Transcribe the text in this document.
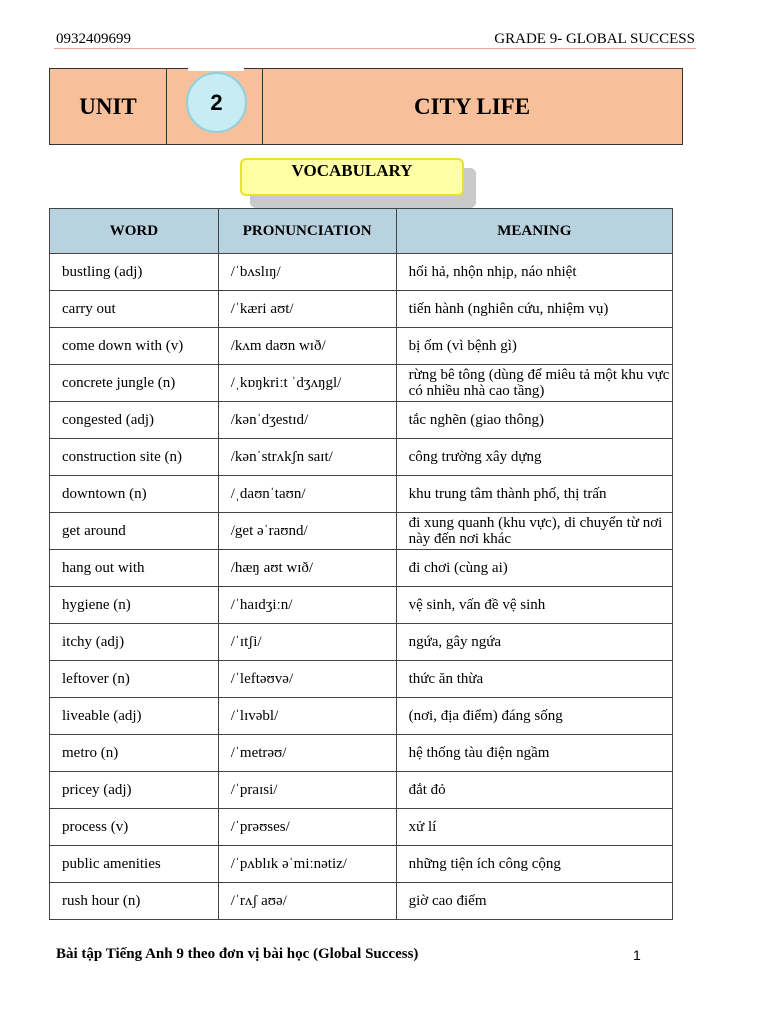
0932409699	GRADE 9- GLOBAL SUCCESS
UNIT	2	CITY LIFE
VOCABULARY
WORD	PRONUNCIATION	MEANING
bustling (adj)	/ˈbʌslɪŋ/	hối hả, nhộn nhịp, náo nhiệt
carry out	/ˈkæri aʊt/	tiến hành (nghiên cứu, nhiệm vụ)
come down with (v)	/kʌm daʊn wɪð/	bị ốm (vì bệnh gì)
concrete jungle (n)	/ˌkɒŋkriːt ˈdʒʌŋgl/	rừng bê tông (dùng để miêu tả một khu vực có nhiều nhà cao tầng)
congested (adj)	/kənˈdʒestɪd/	tắc nghẽn (giao thông)
construction site (n)	/kənˈstrʌkʃn saɪt/	công trường xây dựng
downtown (n)	/ˌdaʊnˈtaʊn/	khu trung tâm thành phố, thị trấn
get around	/get əˈraʊnd/	đi xung quanh (khu vực), di chuyển từ nơi này đến nơi khác
hang out with	/hæŋ aʊt wɪð/	đi chơi (cùng ai)
hygiene (n)	/ˈhaɪdʒiːn/	vệ sinh, vấn đề vệ sinh
itchy (adj)	/ˈɪtʃi/	ngứa, gây ngứa
leftover (n)	/ˈleftəʊvə/	thức ăn thừa
liveable (adj)	/ˈlɪvəbl/	(nơi, địa điểm) đáng sống
metro (n)	/ˈmetrəʊ/	hệ thống tàu điện ngầm
pricey (adj)	/ˈpraɪsi/	đắt đỏ
process (v)	/ˈprəʊses/	xử lí
public amenities	/ˈpʌblɪk əˈmiːnətiz/	những tiện ích công cộng
rush hour (n)	/ˈrʌʃ aʊə/	giờ cao điểm
Bài tập Tiếng Anh 9 theo đơn vị bài học (Global Success)	1
